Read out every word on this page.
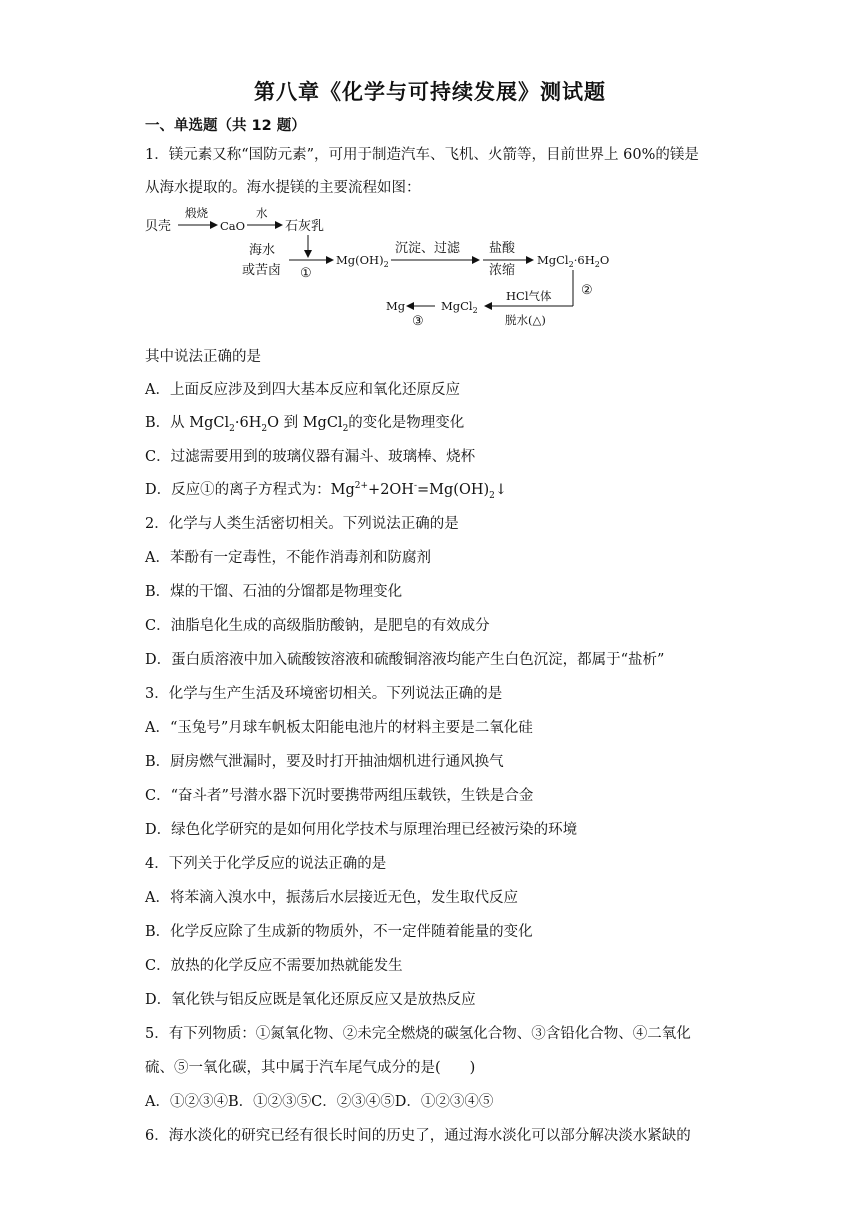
第八章《化学与可持续发展》测试题
一、单选题（共 12 题）
1．镁元素又称“国防元素”，可用于制造汽车、飞机、火箭等，目前世界上 60%的镁是
从海水提取的。海水提镁的主要流程如图：
贝壳
煅烧
CaO
水
石灰乳
海水
或苦卤 ①
$Mg(OH)_2$
沉淀、过滤 盐酸
浓缩
$MgCl_2\cdot 6H_2O$
②
HCl气体
脱水(△)
MgCl$_2$
Mg
③
其中说法正确的是
A．上面反应涉及到四大基本反应和氧化还原反应
B．从 $MgCl_2\cdot 6H_2O$ 到 MgCl$_2$的变化是物理变化
C．过滤需要用到的玻璃仪器有漏斗、玻璃棒、烧杯
D．反应①的离子方程式为：$Mg^{2+}+2OH^-=Mg(OH)_2↓$
2．化学与人类生活密切相关。下列说法正确的是
A．苯酚有一定毒性，不能作消毒剂和防腐剂
B．煤的干馏、石油的分馏都是物理变化
C．油脂皂化生成的高级脂肪酸钠，是肥皂的有效成分
D．蛋白质溶液中加入硫酸铵溶液和硫酸铜溶液均能产生白色沉淀，都属于“盐析”
3．化学与生产生活及环境密切相关。下列说法正确的是
A．“玉兔号”月球车帆板太阳能电池片的材料主要是二氧化硅
B．厨房燃气泄漏时，要及时打开抽油烟机进行通风换气
C．“奋斗者”号潜水器下沉时要携带两组压载铁，生铁是合金
D．绿色化学研究的是如何用化学技术与原理治理已经被污染的环境
4．下列关于化学反应的说法正确的是
A．将苯滴入溴水中，振荡后水层接近无色，发生取代反应
B．化学反应除了生成新的物质外，不一定伴随着能量的变化
C．放热的化学反应不需要加热就能发生
D．氧化铁与铝反应既是氧化还原反应又是放热反应
5．有下列物质：①氮氧化物、②未完全燃烧的碳氢化合物、③含铅化合物、④二氧化
硫、⑤一氧化碳，其中属于汽车尾气成分的是(　　)
A．①②③④B．①②③⑤C．②③④⑤D．①②③④⑤
6．海水淡化的研究已经有很长时间的历史了，通过海水淡化可以部分解决淡水紧缺的
